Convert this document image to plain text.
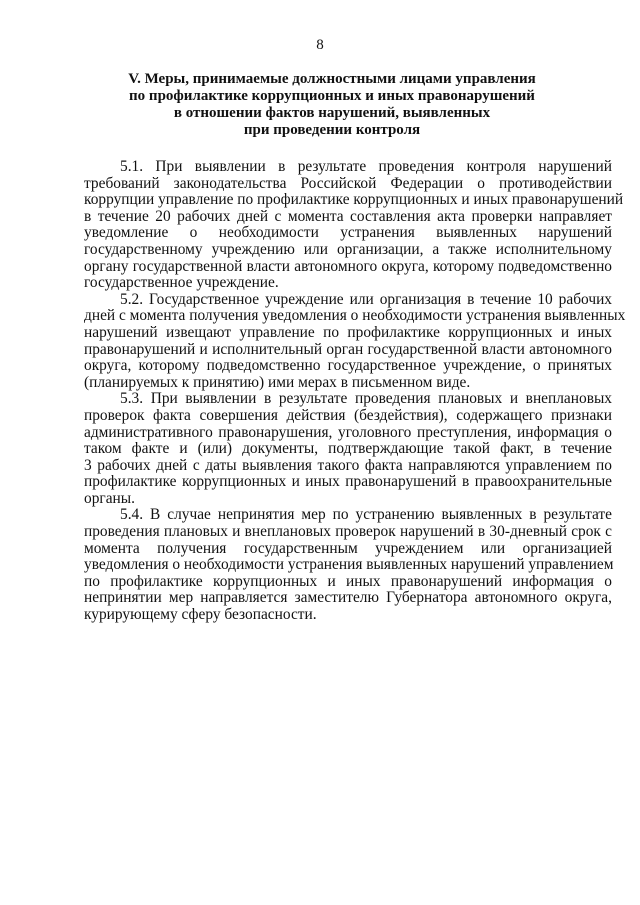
8
V. Меры, принимаемые должностными лицами управления
по профилактике коррупционных и иных правонарушений
в отношении фактов нарушений, выявленных
при проведении контроля
5.1. При выявлении в результате проведения контроля нарушений
требований законодательства Российской Федерации о противодействии
коррупции управление по профилактике коррупционных и иных правонарушений
в течение 20 рабочих дней с момента составления акта проверки направляет
уведомление о необходимости устранения выявленных нарушений
государственному учреждению или организации, а также исполнительному
органу государственной власти автономного округа, которому подведомственно
государственное учреждение.
5.2. Государственное учреждение или организация в течение 10 рабочих
дней с момента получения уведомления о необходимости устранения выявленных
нарушений извещают управление по профилактике коррупционных и иных
правонарушений и исполнительный орган государственной власти автономного
округа, которому подведомственно государственное учреждение, о принятых
(планируемых к принятию) ими мерах в письменном виде.
5.3. При выявлении в результате проведения плановых и внеплановых
проверок факта совершения действия (бездействия), содержащего признаки
административного правонарушения, уголовного преступления, информация о
таком факте и (или) документы, подтверждающие такой факт, в течение
3 рабочих дней с даты выявления такого факта направляются управлением по
профилактике коррупционных и иных правонарушений в правоохранительные
органы.
5.4. В случае непринятия мер по устранению выявленных в результате
проведения плановых и внеплановых проверок нарушений в 30-дневный срок с
момента получения государственным учреждением или организацией
уведомления о необходимости устранения выявленных нарушений управлением
по профилактике коррупционных и иных правонарушений информация о
непринятии мер направляется заместителю Губернатора автономного округа,
курирующему сферу безопасности.
